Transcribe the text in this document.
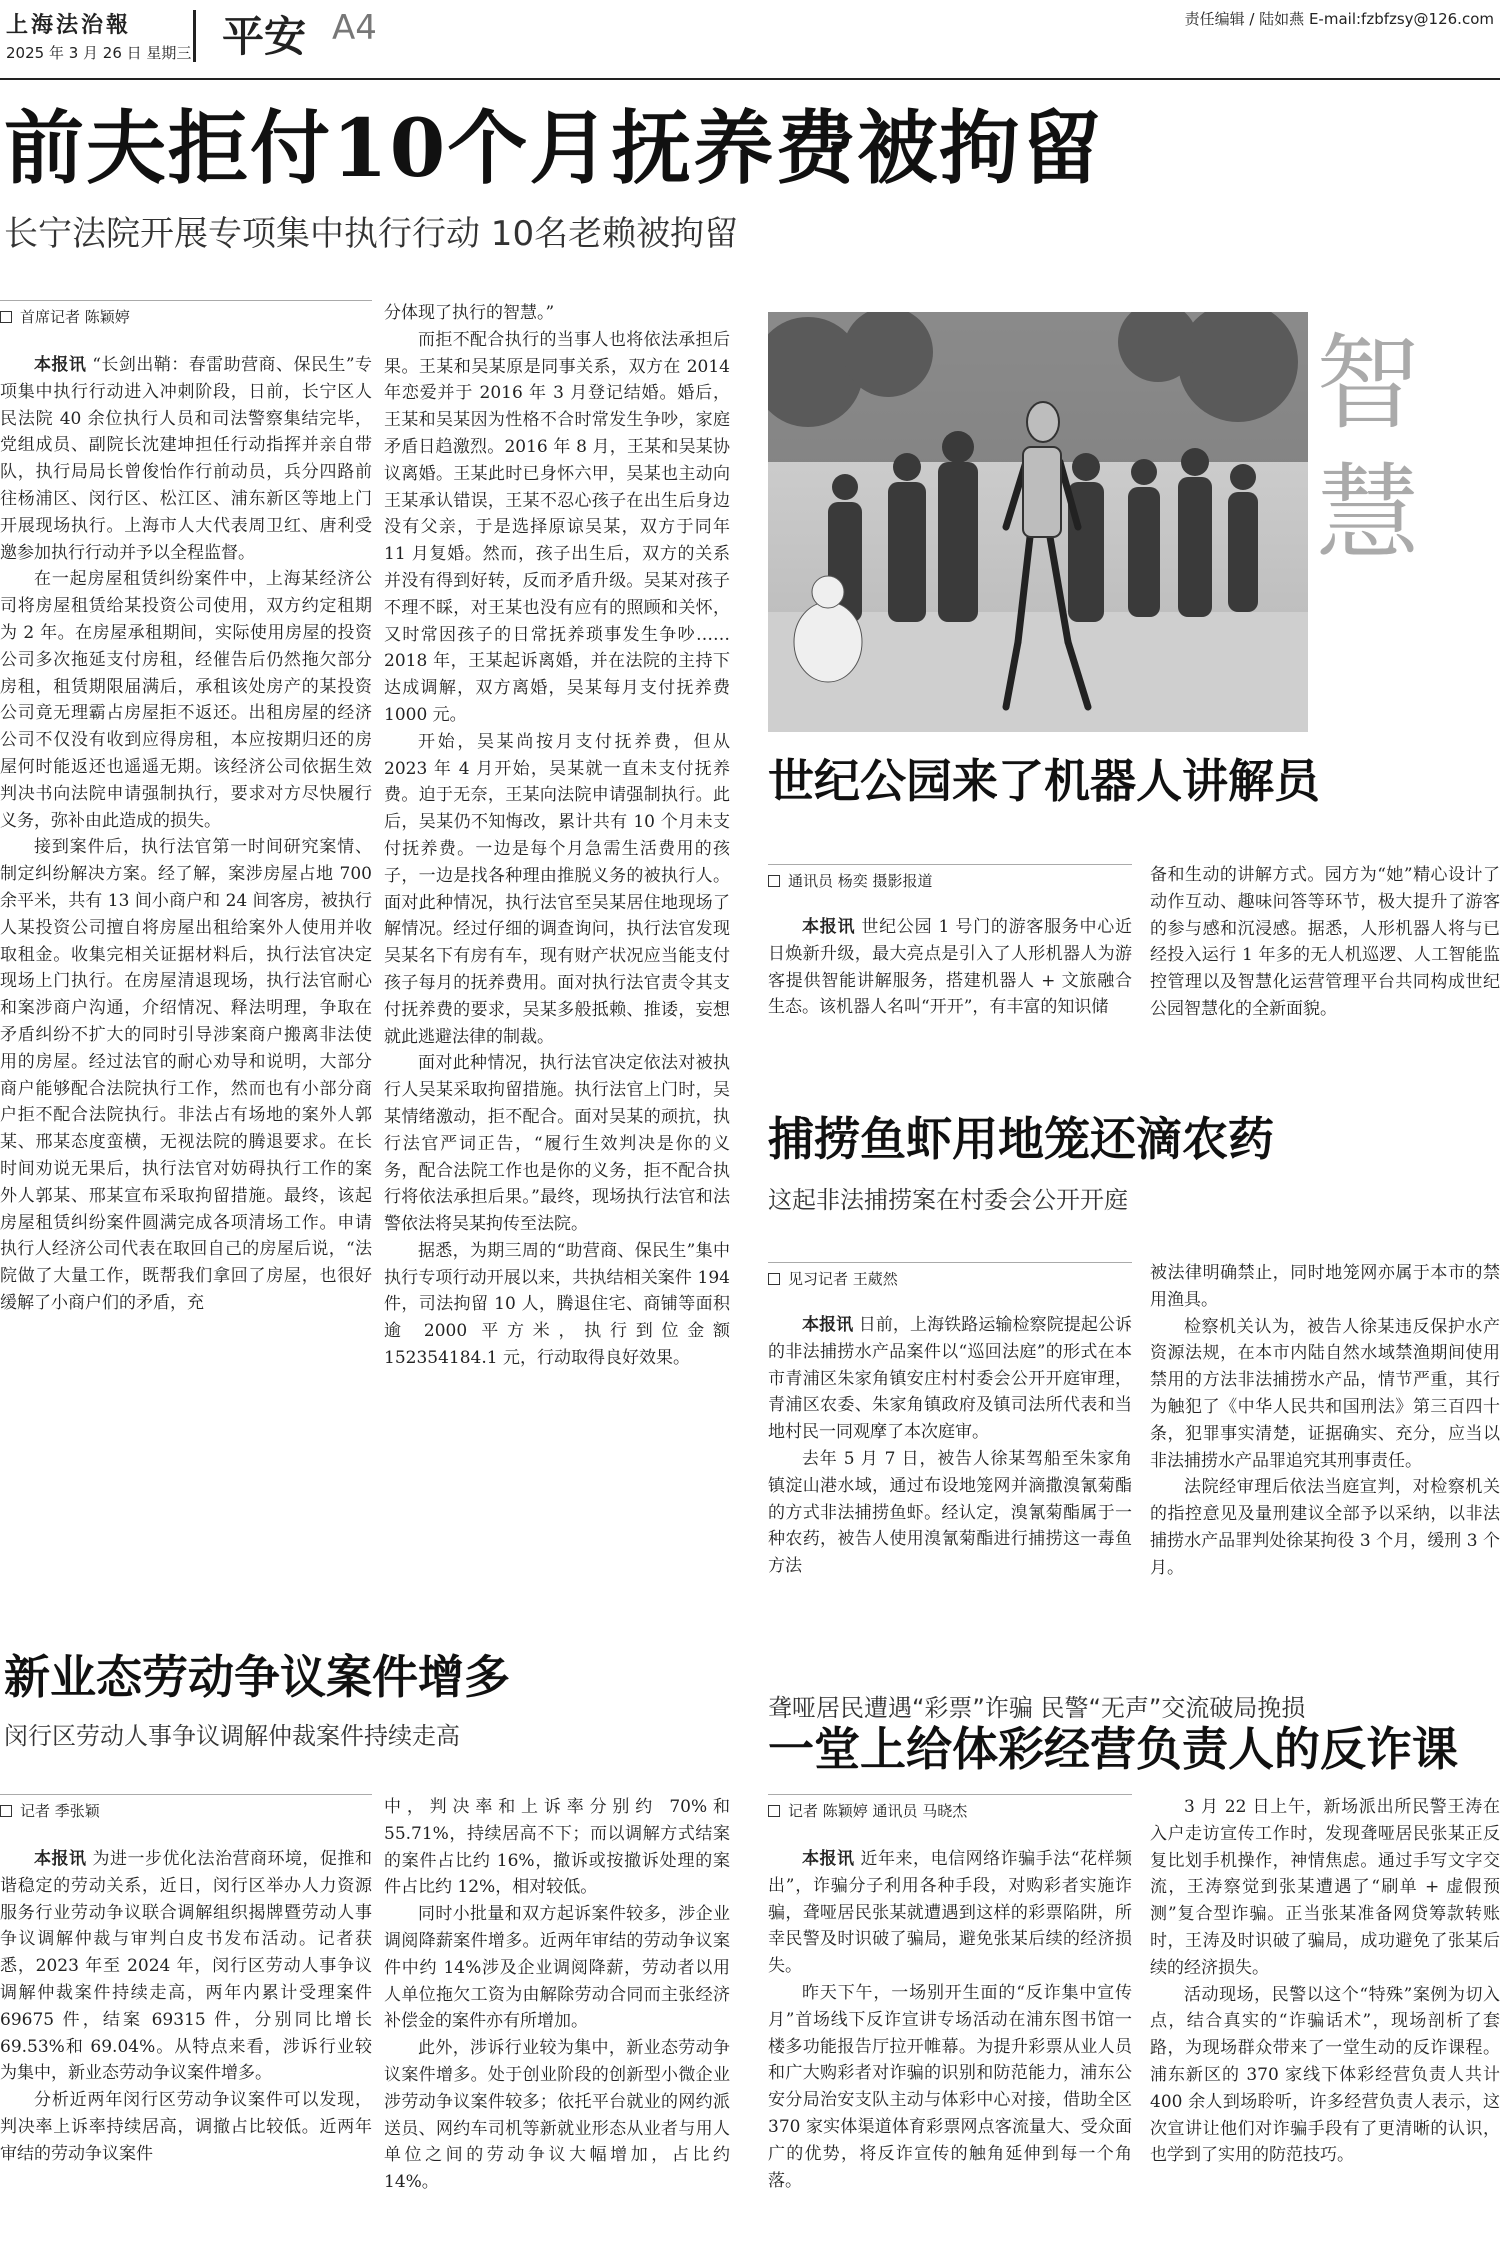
上海法治報
2025 年 3 月 26 日 星期三 平安 A4	责任编辑 / 陆如燕 E-mail:fzbfzsy@126.com
前夫拒付10个月抚养费被拘留
长宁法院开展专项集中执行行动 10名老赖被拘留
首席记者 陈颖婷

本报讯 “长剑出鞘：春雷助营商、保民生”专项集中执行行动进入冲刺阶段，日前，长宁区人民法院 40 余位执行人员和司法警察集结完毕，党组成员、副院长沈建坤担任行动指挥并亲自带队，执行局局长曾俊怡作行前动员，兵分四路前往杨浦区、闵行区、松江区、浦东新区等地上门开展现场执行。上海市人大代表周卫红、唐利受邀参加执行行动并予以全程监督。

在一起房屋租赁纠纷案件中，上海某经济公司将房屋租赁给某投资公司使用，双方约定租期为 2 年。在房屋承租期间，实际使用房屋的投资公司多次拖延支付房租，经催告后仍然拖欠部分房租，租赁期限届满后，承租该处房产的某投资公司竟无理霸占房屋拒不返还。出租房屋的经济公司不仅没有收到应得房租，本应按期归还的房屋何时能返还也遥遥无期。该经济公司依据生效判决书向法院申请强制执行，要求对方尽快履行义务，弥补由此造成的损失。

接到案件后，执行法官第一时间研究案情、制定纠纷解决方案。经了解，案涉房屋占地 700 余平米，共有 13 间小商户和 24 间客房，被执行人某投资公司擅自将房屋出租给案外人使用并收取租金。收集完相关证据材料后，执行法官决定现场上门执行。在房屋清退现场，执行法官耐心和案涉商户沟通，介绍情况、释法明理，争取在矛盾纠纷不扩大的同时引导涉案商户搬离非法使用的房屋。经过法官的耐心劝导和说明，大部分商户能够配合法院执行工作，然而也有小部分商户拒不配合法院执行。非法占有场地的案外人郭某、邢某态度蛮横，无视法院的腾退要求。在长时间劝说无果后，执行法官对妨碍执行工作的案外人郭某、邢某宣布采取拘留措施。最终，该起房屋租赁纠纷案件圆满完成各项清场工作。申请执行人经济公司代表在取回自己的房屋后说，“法院做了大量工作，既帮我们拿回了房屋，也很好缓解了小商户们的矛盾，充

分体现了执行的智慧。”

而拒不配合执行的当事人也将依法承担后果。王某和吴某原是同事关系，双方在 2014 年恋爱并于 2016 年 3 月登记结婚。婚后，王某和吴某因为性格不合时常发生争吵，家庭矛盾日趋激烈。2016 年 8 月，王某和吴某协议离婚。王某此时已身怀六甲，吴某也主动向王某承认错误，王某不忍心孩子在出生后身边没有父亲，于是选择原谅吴某，双方于同年 11 月复婚。然而，孩子出生后，双方的关系并没有得到好转，反而矛盾升级。吴某对孩子不理不睬，对王某也没有应有的照顾和关怀，又时常因孩子的日常抚养琐事发生争吵……2018 年，王某起诉离婚，并在法院的主持下达成调解，双方离婚，吴某每月支付抚养费 1000 元。

开始，吴某尚按月支付抚养费，但从 2023 年 4 月开始，吴某就一直未支付抚养费。迫于无奈，王某向法院申请强制执行。此后，吴某仍不知悔改，累计共有 10 个月未支付抚养费。一边是每个月急需生活费用的孩子，一边是找各种理由推脱义务的被执行人。面对此种情况，执行法官至吴某居住地现场了解情况。经过仔细的调查询问，执行法官发现吴某名下有房有车，现有财产状况应当能支付孩子每月的抚养费用。面对执行法官责令其支付抚养费的要求，吴某多般抵赖、推诿，妄想就此逃避法律的制裁。

面对此种情况，执行法官决定依法对被执行人吴某采取拘留措施。执行法官上门时，吴某情绪激动，拒不配合。面对吴某的顽抗，执行法官严词正告，“履行生效判决是你的义务，配合法院工作也是你的义务，拒不配合执行将依法承担后果。”最终，现场执行法官和法警依法将吴某拘传至法院。

据悉，为期三周的“助营商、保民生”集中执行专项行动开展以来，共执结相关案件 194 件，司法拘留 10 人，腾退住宅、商铺等面积逾 2000 平方米，执行到位金额 152354184.1 元，行动取得良好效果。

智
慧
世纪公园来了机器人讲解员
通讯员 杨奕 摄影报道

本报讯 世纪公园 1 号门的游客服务中心近日焕新升级，最大亮点是引入了人形机器人为游客提供智能讲解服务，搭建机器人 + 文旅融合生态。该机器人名叫“开开”，有丰富的知识储

备和生动的讲解方式。园方为“她”精心设计了动作互动、趣味问答等环节，极大提升了游客的参与感和沉浸感。据悉，人形机器人将与已经投入运行 1 年多的无人机巡逻、人工智能监控管理以及智慧化运营管理平台共同构成世纪公园智慧化的全新面貌。

捕捞鱼虾用地笼还滴农药
这起非法捕捞案在村委会公开开庭
见习记者 王葳然

本报讯 日前，上海铁路运输检察院提起公诉的非法捕捞水产品案件以“巡回法庭”的形式在本市青浦区朱家角镇安庄村村委会公开开庭审理，青浦区农委、朱家角镇政府及镇司法所代表和当地村民一同观摩了本次庭审。

去年 5 月 7 日，被告人徐某驾船至朱家角镇淀山港水域，通过布设地笼网并滴撒溴氰菊酯的方式非法捕捞鱼虾。经认定，溴氰菊酯属于一种农药，被告人使用溴氰菊酯进行捕捞这一毒鱼方法

被法律明确禁止，同时地笼网亦属于本市的禁用渔具。

检察机关认为，被告人徐某违反保护水产资源法规，在本市内陆自然水域禁渔期间使用禁用的方法非法捕捞水产品，情节严重，其行为触犯了《中华人民共和国刑法》第三百四十条，犯罪事实清楚，证据确实、充分，应当以非法捕捞水产品罪追究其刑事责任。

法院经审理后依法当庭宣判，对检察机关的指控意见及量刑建议全部予以采纳，以非法捕捞水产品罪判处徐某拘役 3 个月，缓刑 3 个月。

新业态劳动争议案件增多
闵行区劳动人事争议调解仲裁案件持续走高
记者 季张颖

本报讯 为进一步优化法治营商环境，促推和谐稳定的劳动关系，近日，闵行区举办人力资源服务行业劳动争议联合调解组织揭牌暨劳动人事争议调解仲裁与审判白皮书发布活动。记者获悉，2023 年至 2024 年，闵行区劳动人事争议调解仲裁案件持续走高，两年内累计受理案件 69675 件，结案 69315 件，分别同比增长 69.53%和 69.04%。从特点来看，涉诉行业较为集中，新业态劳动争议案件增多。

分析近两年闵行区劳动争议案件可以发现，判决率上诉率持续居高，调撤占比较低。近两年审结的劳动争议案件

中，判决率和上诉率分别约 70%和 55.71%，持续居高不下；而以调解方式结案的案件占比约 16%，撤诉或按撤诉处理的案件占比约 12%，相对较低。

同时小批量和双方起诉案件较多，涉企业调阅降薪案件增多。近两年审结的劳动争议案件中约 14%涉及企业调阅降薪，劳动者以用人单位拖欠工资为由解除劳动合同而主张经济补偿金的案件亦有所增加。

此外，涉诉行业较为集中，新业态劳动争议案件增多。处于创业阶段的创新型小微企业涉劳动争议案件较多；依托平台就业的网约派送员、网约车司机等新就业形态从业者与用人单位之间的劳动争议大幅增加，占比约 14%。

聋哑居民遭遇“彩票”诈骗 民警“无声”交流破局挽损
一堂上给体彩经营负责人的反诈课
记者 陈颖婷 通讯员 马晓杰

本报讯 近年来，电信网络诈骗手法“花样频出”，诈骗分子利用各种手段，对购彩者实施诈骗，聋哑居民张某就遭遇到这样的彩票陷阱，所幸民警及时识破了骗局，避免张某后续的经济损失。

昨天下午，一场别开生面的“反诈集中宣传月”首场线下反诈宣讲专场活动在浦东图书馆一楼多功能报告厅拉开帷幕。为提升彩票从业人员和广大购彩者对诈骗的识别和防范能力，浦东公安分局治安支队主动与体彩中心对接，借助全区 370 家实体渠道体育彩票网点客流量大、受众面广的优势，将反诈宣传的触角延伸到每一个角落。

3 月 22 日上午，新场派出所民警王涛在入户走访宣传工作时，发现聋哑居民张某正反复比划手机操作，神情焦虑。通过手写文字交流，王涛察觉到张某遭遇了“刷单 + 虚假预测”复合型诈骗。正当张某准备网贷筹款转账时，王涛及时识破了骗局，成功避免了张某后续的经济损失。

活动现场，民警以这个“特殊”案例为切入点，结合真实的“诈骗话术”，现场剖析了套路，为现场群众带来了一堂生动的反诈课程。浦东新区的 370 家线下体彩经营负责人共计 400 余人到场聆听，许多经营负责人表示，这次宣讲让他们对诈骗手段有了更清晰的认识，也学到了实用的防范技巧。
